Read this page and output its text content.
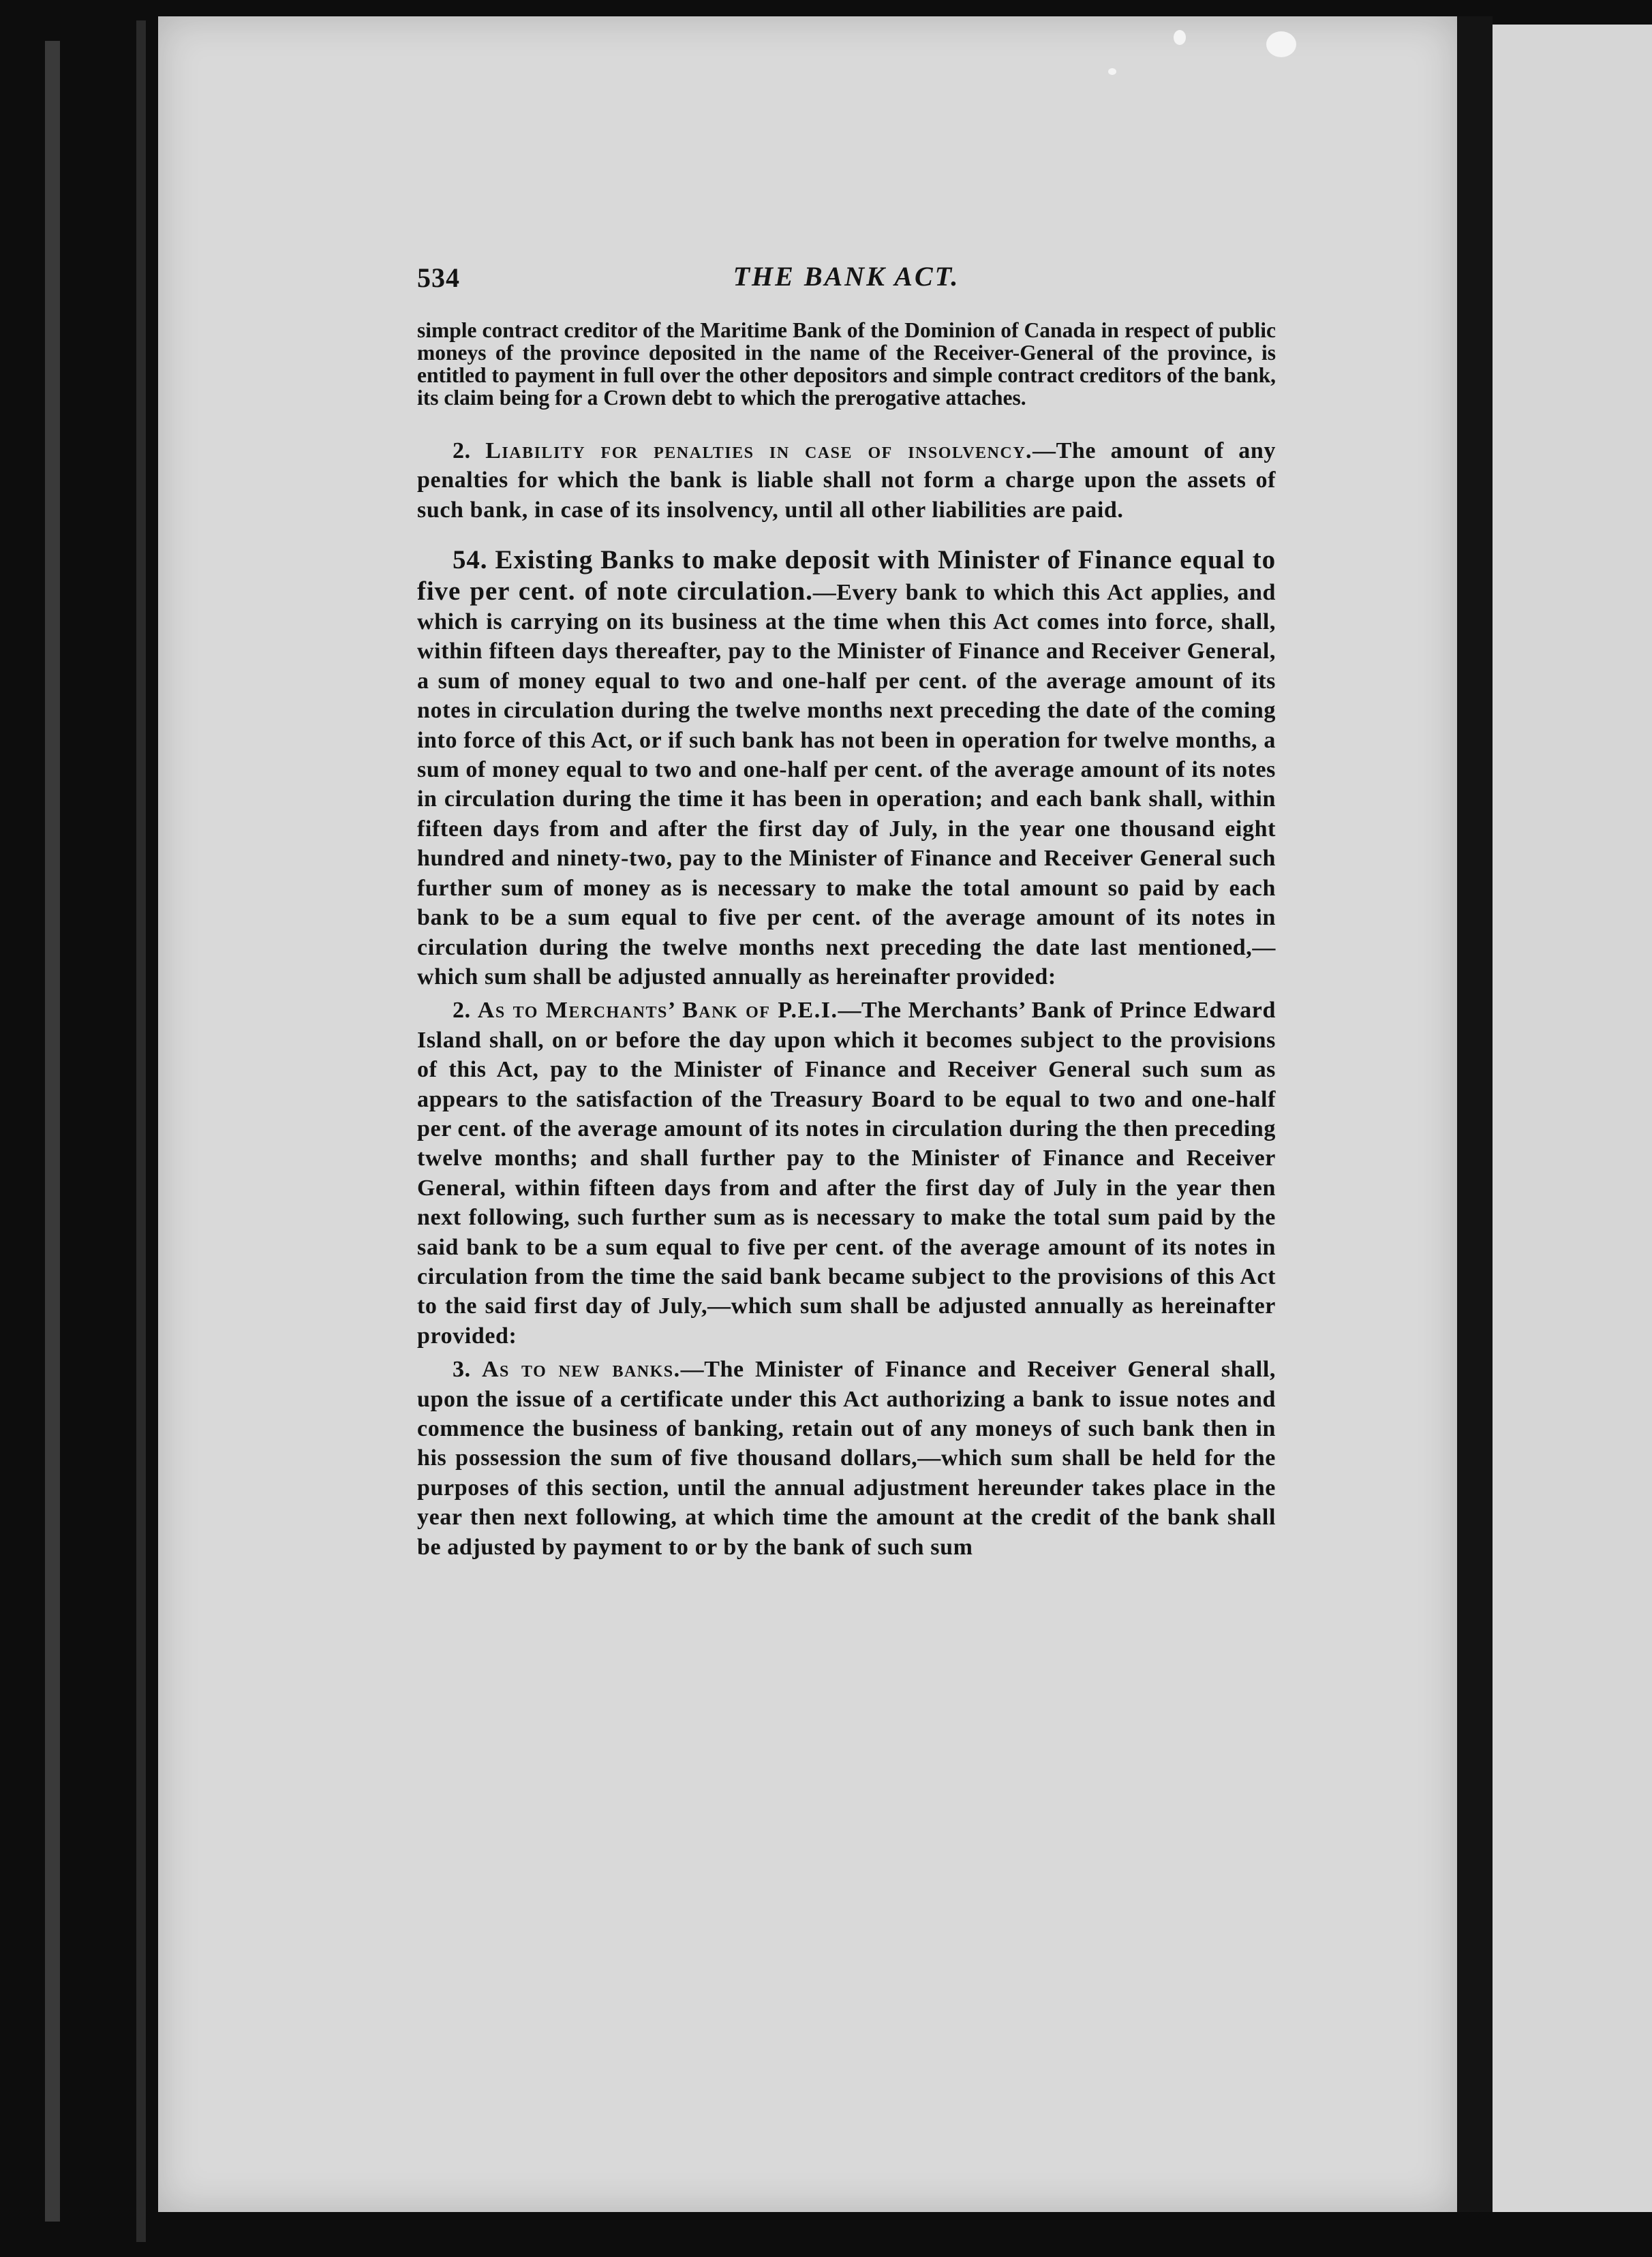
534	THE BANK ACT.

simple contract creditor of the Maritime Bank of the Dominion of Canada in respect of public moneys of the province deposited in the name of the Receiver-General of the province, is entitled to payment in full over the other depositors and simple contract creditors of the bank, its claim being for a Crown debt to which the prerogative attaches.

2. Liability for penalties in case of insolvency.—The amount of any penalties for which the bank is liable shall not form a charge upon the assets of such bank, in case of its insolvency, until all other liabilities are paid.

54. Existing Banks to make deposit with Minister of Finance equal to five per cent. of note circulation.—Every bank to which this Act applies, and which is carrying on its business at the time when this Act comes into force, shall, within fifteen days thereafter, pay to the Minister of Finance and Receiver General, a sum of money equal to two and one-half per cent. of the average amount of its notes in circulation during the twelve months next preceding the date of the coming into force of this Act, or if such bank has not been in operation for twelve months, a sum of money equal to two and one-half per cent. of the average amount of its notes in circulation during the time it has been in operation; and each bank shall, within fifteen days from and after the first day of July, in the year one thousand eight hundred and ninety-two, pay to the Minister of Finance and Receiver General such further sum of money as is necessary to make the total amount so paid by each bank to be a sum equal to five per cent. of the average amount of its notes in circulation during the twelve months next preceding the date last mentioned,—which sum shall be adjusted annually as hereinafter provided:

2. As to Merchants’ Bank of P.E.I.—The Merchants’ Bank of Prince Edward Island shall, on or before the day upon which it becomes subject to the provisions of this Act, pay to the Minister of Finance and Receiver General such sum as appears to the satisfaction of the Treasury Board to be equal to two and one-half per cent. of the average amount of its notes in circulation during the then preceding twelve months; and shall further pay to the Minister of Finance and Receiver General, within fifteen days from and after the first day of July in the year then next following, such further sum as is necessary to make the total sum paid by the said bank to be a sum equal to five per cent. of the average amount of its notes in circulation from the time the said bank became subject to the provisions of this Act to the said first day of July,—which sum shall be adjusted annually as hereinafter provided:

3. As to new banks.—The Minister of Finance and Receiver General shall, upon the issue of a certificate under this Act authorizing a bank to issue notes and commence the business of banking, retain out of any moneys of such bank then in his possession the sum of five thousand dollars,—which sum shall be held for the purposes of this section, until the annual adjustment hereunder takes place in the year then next following, at which time the amount at the credit of the bank shall be adjusted by payment to or by the bank of such sum
